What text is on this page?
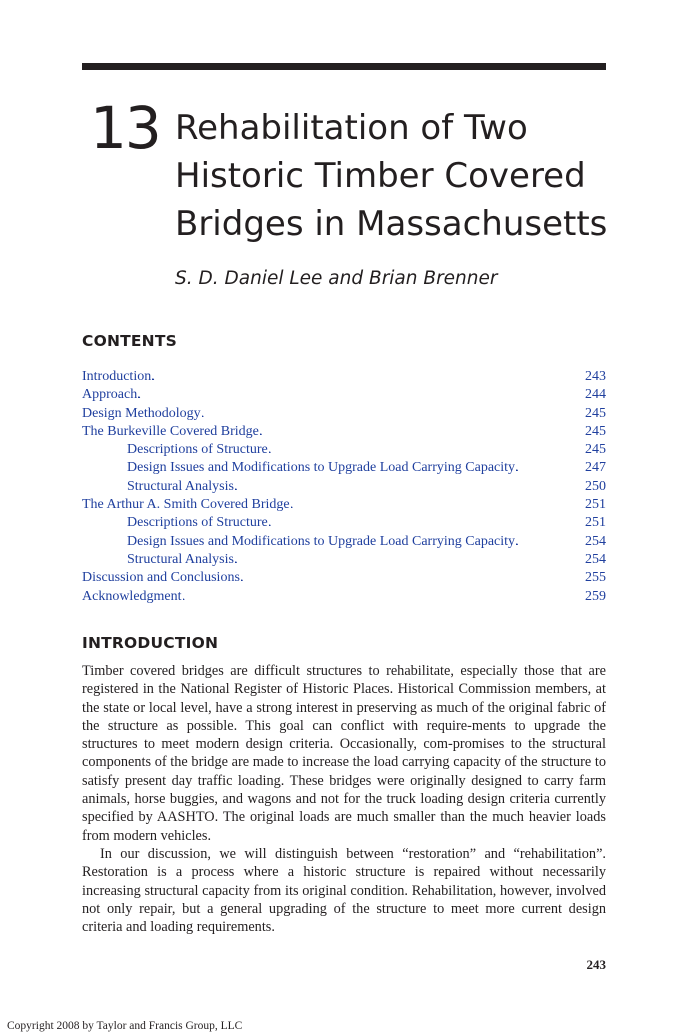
13 Rehabilitation of Two Historic Timber Covered Bridges in Massachusetts
S. D. Daniel Lee and Brian Brenner
CONTENTS
Introduction . . .	243
Approach . . .	244
Design Methodology . . .	245
The Burkeville Covered Bridge . . .	245
Descriptions of Structure . . .	245
Design Issues and Modifications to Upgrade Load Carrying Capacity . . .	247
Structural Analysis . . .	250
The Arthur A. Smith Covered Bridge . . .	251
Descriptions of Structure . . .	251
Design Issues and Modifications to Upgrade Load Carrying Capacity . . .	254
Structural Analysis . . .	254
Discussion and Conclusions . . .	255
Acknowledgment . . .	259
INTRODUCTION

Timber covered bridges are difficult structures to rehabilitate, especially those that are registered in the National Register of Historic Places. Historical Commission members, at the state or local level, have a strong interest in preserving as much of the original fabric of the structure as possible. This goal can conflict with require-ments to upgrade the structures to meet modern design criteria. Occasionally, com-promises to the structural components of the bridge are made to increase the load carrying capacity of the structure to satisfy present day traffic loading. These bridges were originally designed to carry farm animals, horse buggies, and wagons and not for the truck loading design criteria currently specified by AASHTO. The original loads are much smaller than the much heavier loads from modern vehicles.

In our discussion, we will distinguish between “restoration” and “rehabilitation”. Restoration is a process where a historic structure is repaired without necessarily increasing structural capacity from its original condition. Rehabilitation, however, involved not only repair, but a general upgrading of the structure to meet more current design criteria and loading requirements.

243
Copyright 2008 by Taylor and Francis Group, LLC
